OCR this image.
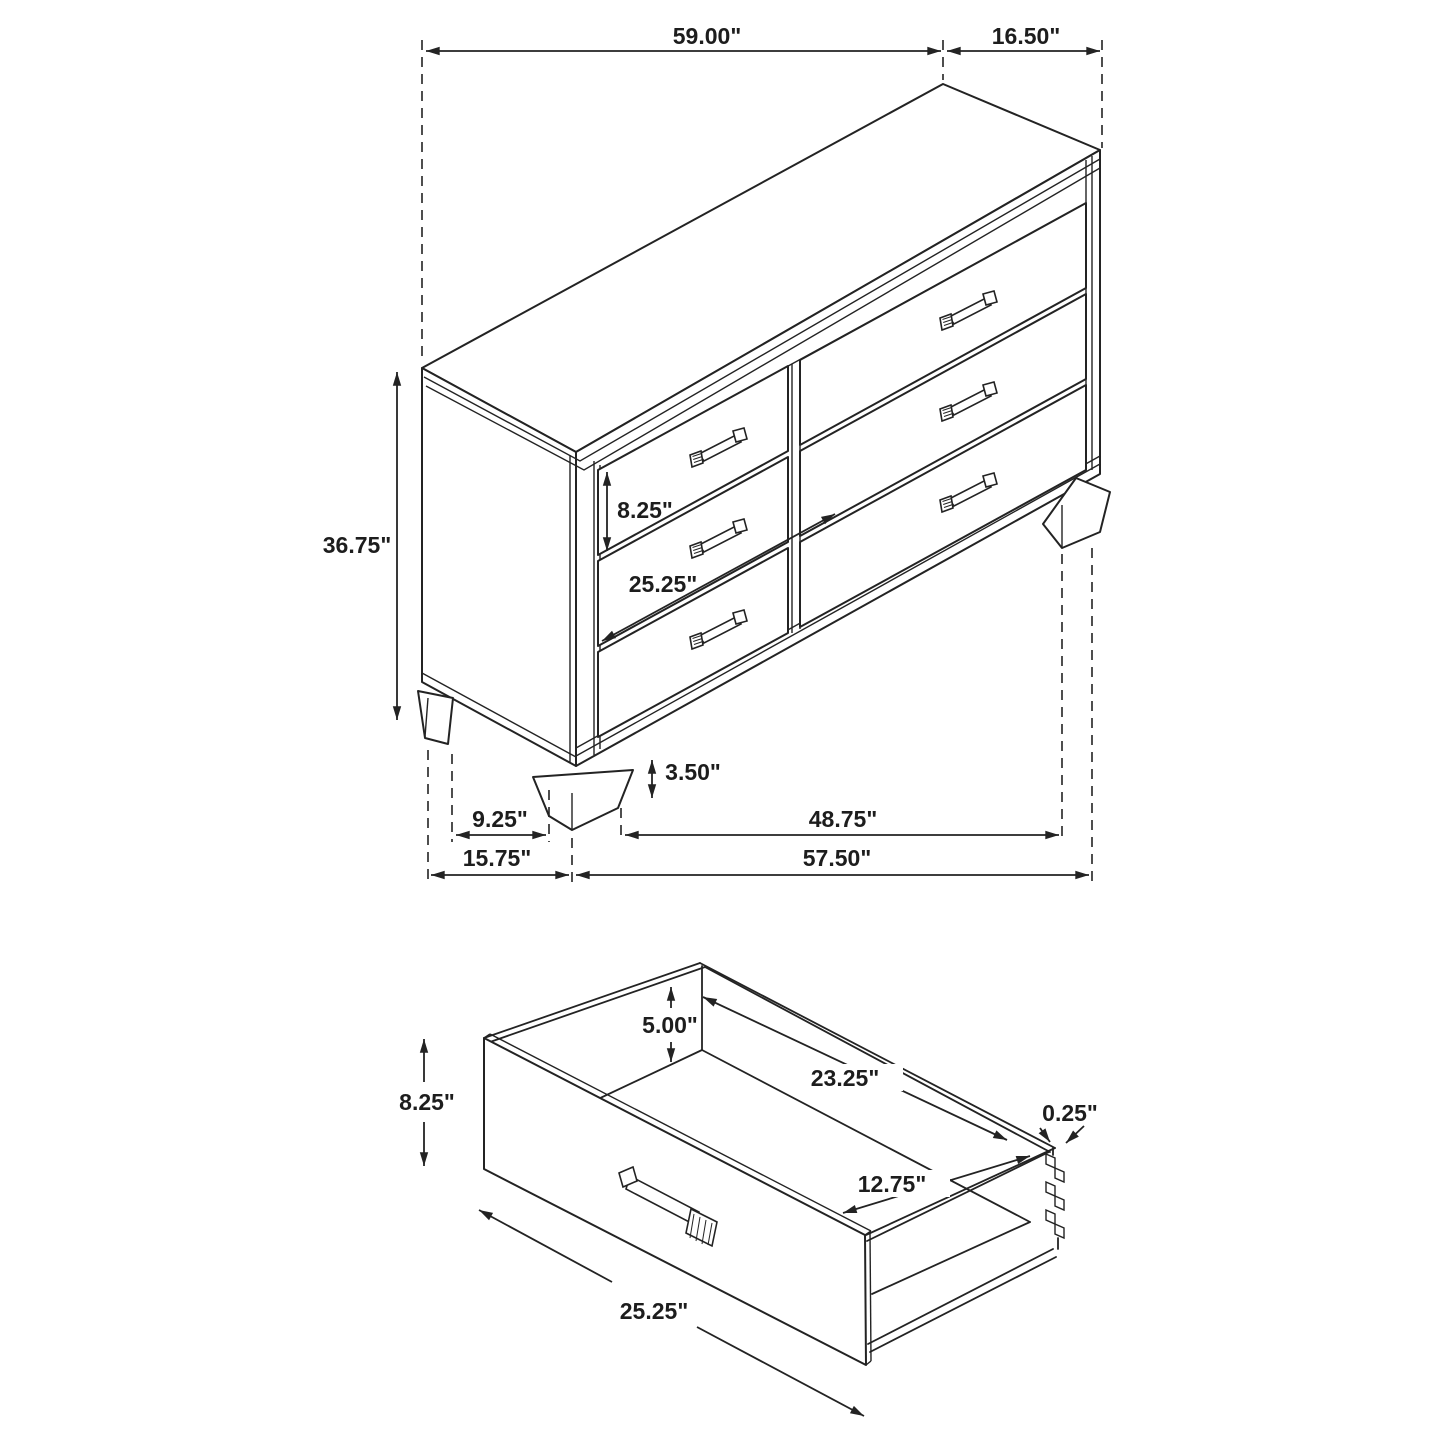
59.00"	16.50"
36.75"
8.25"
25.25"
3.50"
9.25"	48.75"
15.75"	57.50"
8.25"
5.00"
23.25"
0.25"
12.75"
25.25"
